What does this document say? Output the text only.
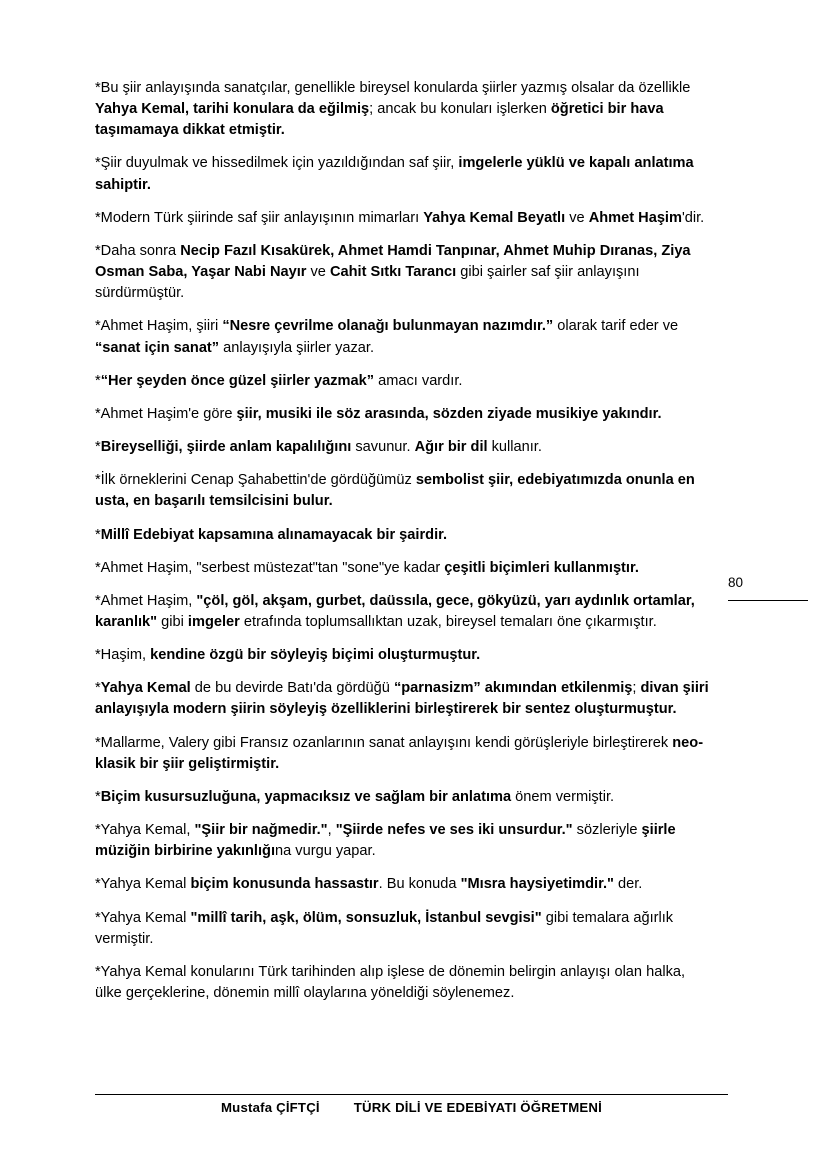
*Bu şiir anlayışında sanatçılar, genellikle bireysel konularda şiirler yazmış olsalar da özellikle Yahya Kemal, tarihi konulara da eğilmiş; ancak bu konuları işlerken öğretici bir hava taşımamaya dikkat etmiştir.

*Şiir duyulmak ve hissedilmek için yazıldığından saf şiir, imgelerle yüklü ve kapalı anlatıma sahiptir.

*Modern Türk şiirinde saf şiir anlayışının mimarları Yahya Kemal Beyatlı ve Ahmet Haşim'dir.

*Daha sonra Necip Fazıl Kısakürek, Ahmet Hamdi Tanpınar, Ahmet Muhip Dıranas, Ziya Osman Saba, Yaşar Nabi Nayır ve Cahit Sıtkı Tarancı gibi şairler saf şiir anlayışını sürdürmüştür.

*Ahmet Haşim, şiiri “Nesre çevrilme olanağı bulunmayan nazımdır.” olarak tarif eder ve “sanat için sanat” anlayışıyla şiirler yazar.

*“Her şeyden önce güzel şiirler yazmak” amacı vardır.

*Ahmet Haşim'e göre şiir, musiki ile söz arasında, sözden ziyade musikiye yakındır.

*Bireyselliği, şiirde anlam kapalılığını savunur. Ağır bir dil kullanır.

*İlk örneklerini Cenap Şahabettin'de gördüğümüz sembolist şiir, edebiyatımızda onunla en usta, en başarılı temsilcisini bulur.

*Millî Edebiyat kapsamına alınamayacak bir şairdir.

*Ahmet Haşim, "serbest müstezat"tan "sone"ye kadar çeşitli biçimleri kullanmıştır.

*Ahmet Haşim, "çöl, göl, akşam, gurbet, daüssıla, gece, gökyüzü, yarı aydınlık ortamlar, karanlık" gibi imgeler etrafında toplumsallıktan uzak, bireysel temaları öne çıkarmıştır.

*Haşim, kendine özgü bir söyleyiş biçimi oluşturmuştur.

*Yahya Kemal de bu devirde Batı'da gördüğü “parnasizm” akımından etkilenmiş; divan şiiri anlayışıyla modern şiirin söyleyiş özelliklerini birleştirerek bir sentez oluşturmuştur.

*Mallarme, Valery gibi Fransız ozanlarının sanat anlayışını kendi görüşleriyle birleştirerek neo-klasik bir şiir geliştirmiştir.

*Biçim kusursuzluğuna, yapmacıksız ve sağlam bir anlatıma önem vermiştir.

*Yahya Kemal, "Şiir bir nağmedir.", "Şiirde nefes ve ses iki unsurdur." sözleriyle şiirle müziğin birbirine yakınlığına vurgu yapar.

*Yahya Kemal biçim konusunda hassastır. Bu konuda "Mısra haysiyetimdir." der.

*Yahya Kemal "millî tarih, aşk, ölüm, sonsuzluk, İstanbul sevgisi" gibi temalara ağırlık vermiştir.

*Yahya Kemal konularını Türk tarihinden alıp işlese de dönemin belirgin anlayışı olan halka, ülke gerçeklerine, dönemin millî olaylarına yöneldiği söylenemez.

80
Mustafa ÇİFTÇİ	TÜRK DİLİ VE EDEBİYATI ÖĞRETMENİ
